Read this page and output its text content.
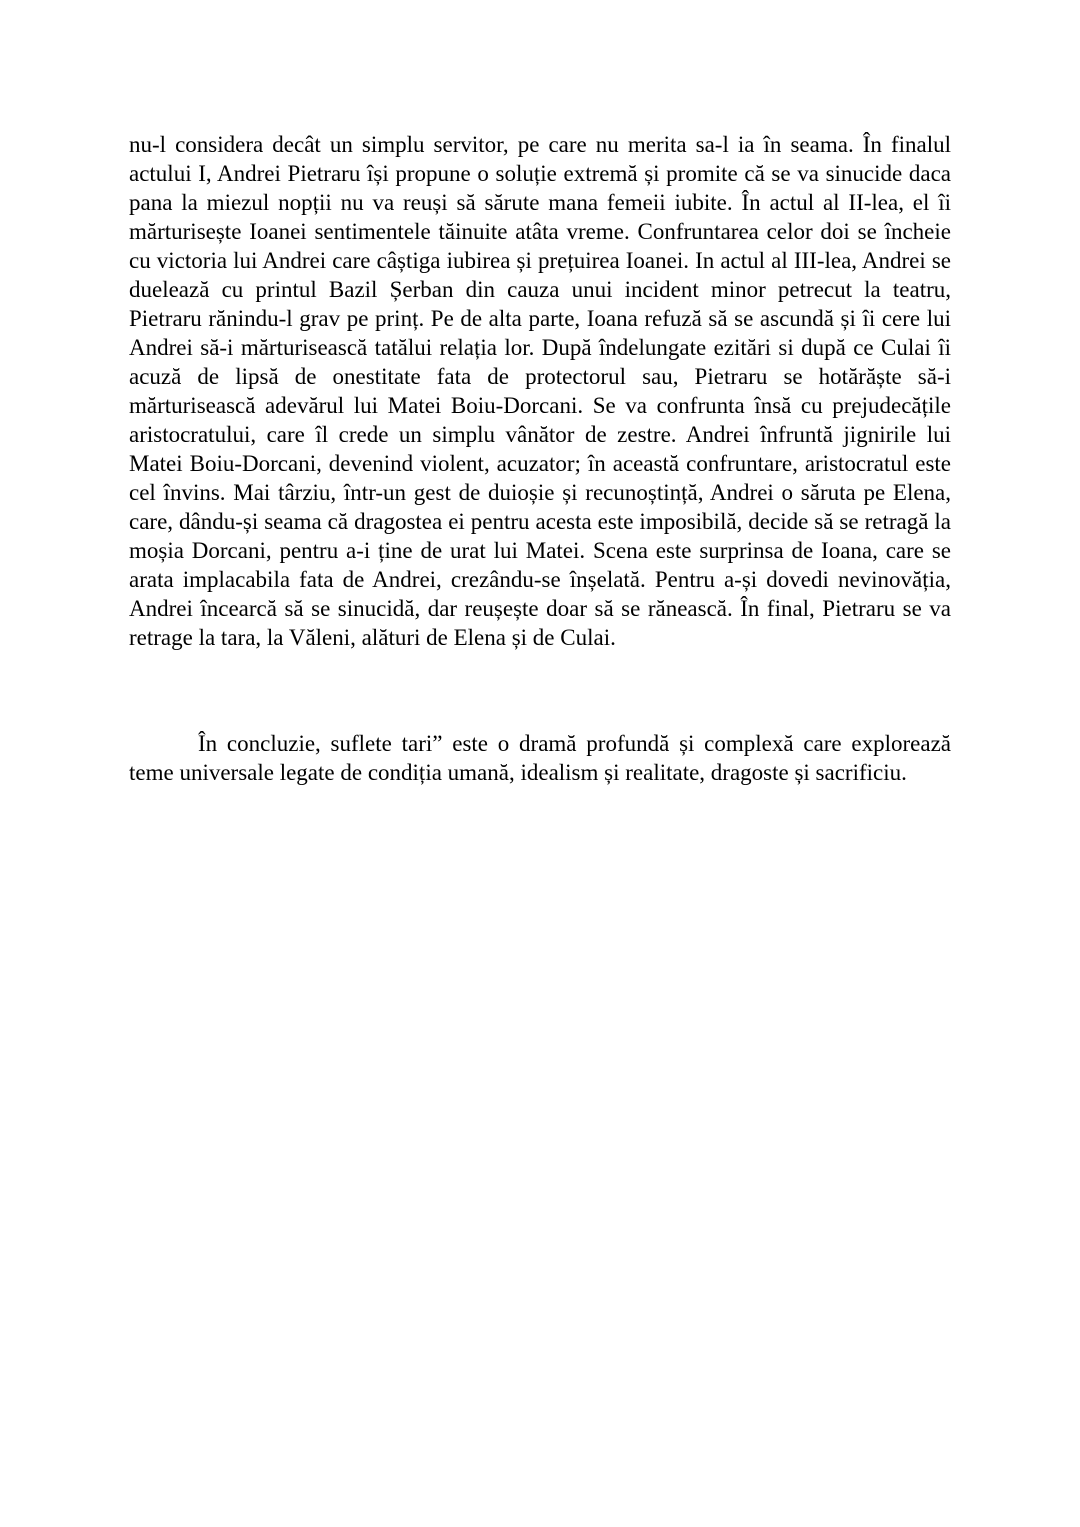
nu-l considera decât un simplu servitor, pe care nu merita sa-l ia în seama. În finalul actului I, Andrei Pietraru își propune o soluție extremă și promite că se va sinucide daca pana la miezul nopții nu va reuși să sărute mana femeii iubite. În actul al II-lea, el îi mărturisește Ioanei sentimentele tăinuite atâta vreme. Confruntarea celor doi se încheie cu victoria lui Andrei care câștiga iubirea și prețuirea Ioanei. In actul al III-lea, Andrei se duelează cu printul Bazil Șerban din cauza unui incident minor petrecut la teatru, Pietraru rănindu-l grav pe prinț. Pe de alta parte, Ioana refuză să se ascundă și îi cere lui Andrei să-i mărturisească tatălui relația lor. După îndelungate ezitări si după ce Culai îi acuză de lipsă de onestitate fata de protectorul sau, Pietraru se hotărăște să-i mărturisească adevărul lui Matei Boiu-Dorcani. Se va confrunta însă cu prejudecățile aristocratului, care îl crede un simplu vânător de zestre. Andrei înfruntă jignirile lui Matei Boiu-Dorcani, devenind violent, acuzator; în această confruntare, aristocratul este cel învins. Mai târziu, într-un gest de duioșie și recunoștință, Andrei o săruta pe Elena, care, dându-și seama că dragostea ei pentru acesta este imposibilă, decide să se retragă la moșia Dorcani, pentru a-i ține de urat lui Matei. Scena este surprinsa de Ioana, care se arata implacabila fata de Andrei, crezându-se înșelată. Pentru a-și dovedi nevinovăția, Andrei încearcă să se sinucidă, dar reușește doar să se rănească. În final, Pietraru se va retrage la tara, la Văleni, alături de Elena și de Culai.

În concluzie, suflete tari” este o dramă profundă și complexă care explorează teme universale legate de condiția umană, idealism și realitate, dragoste și sacrificiu.
